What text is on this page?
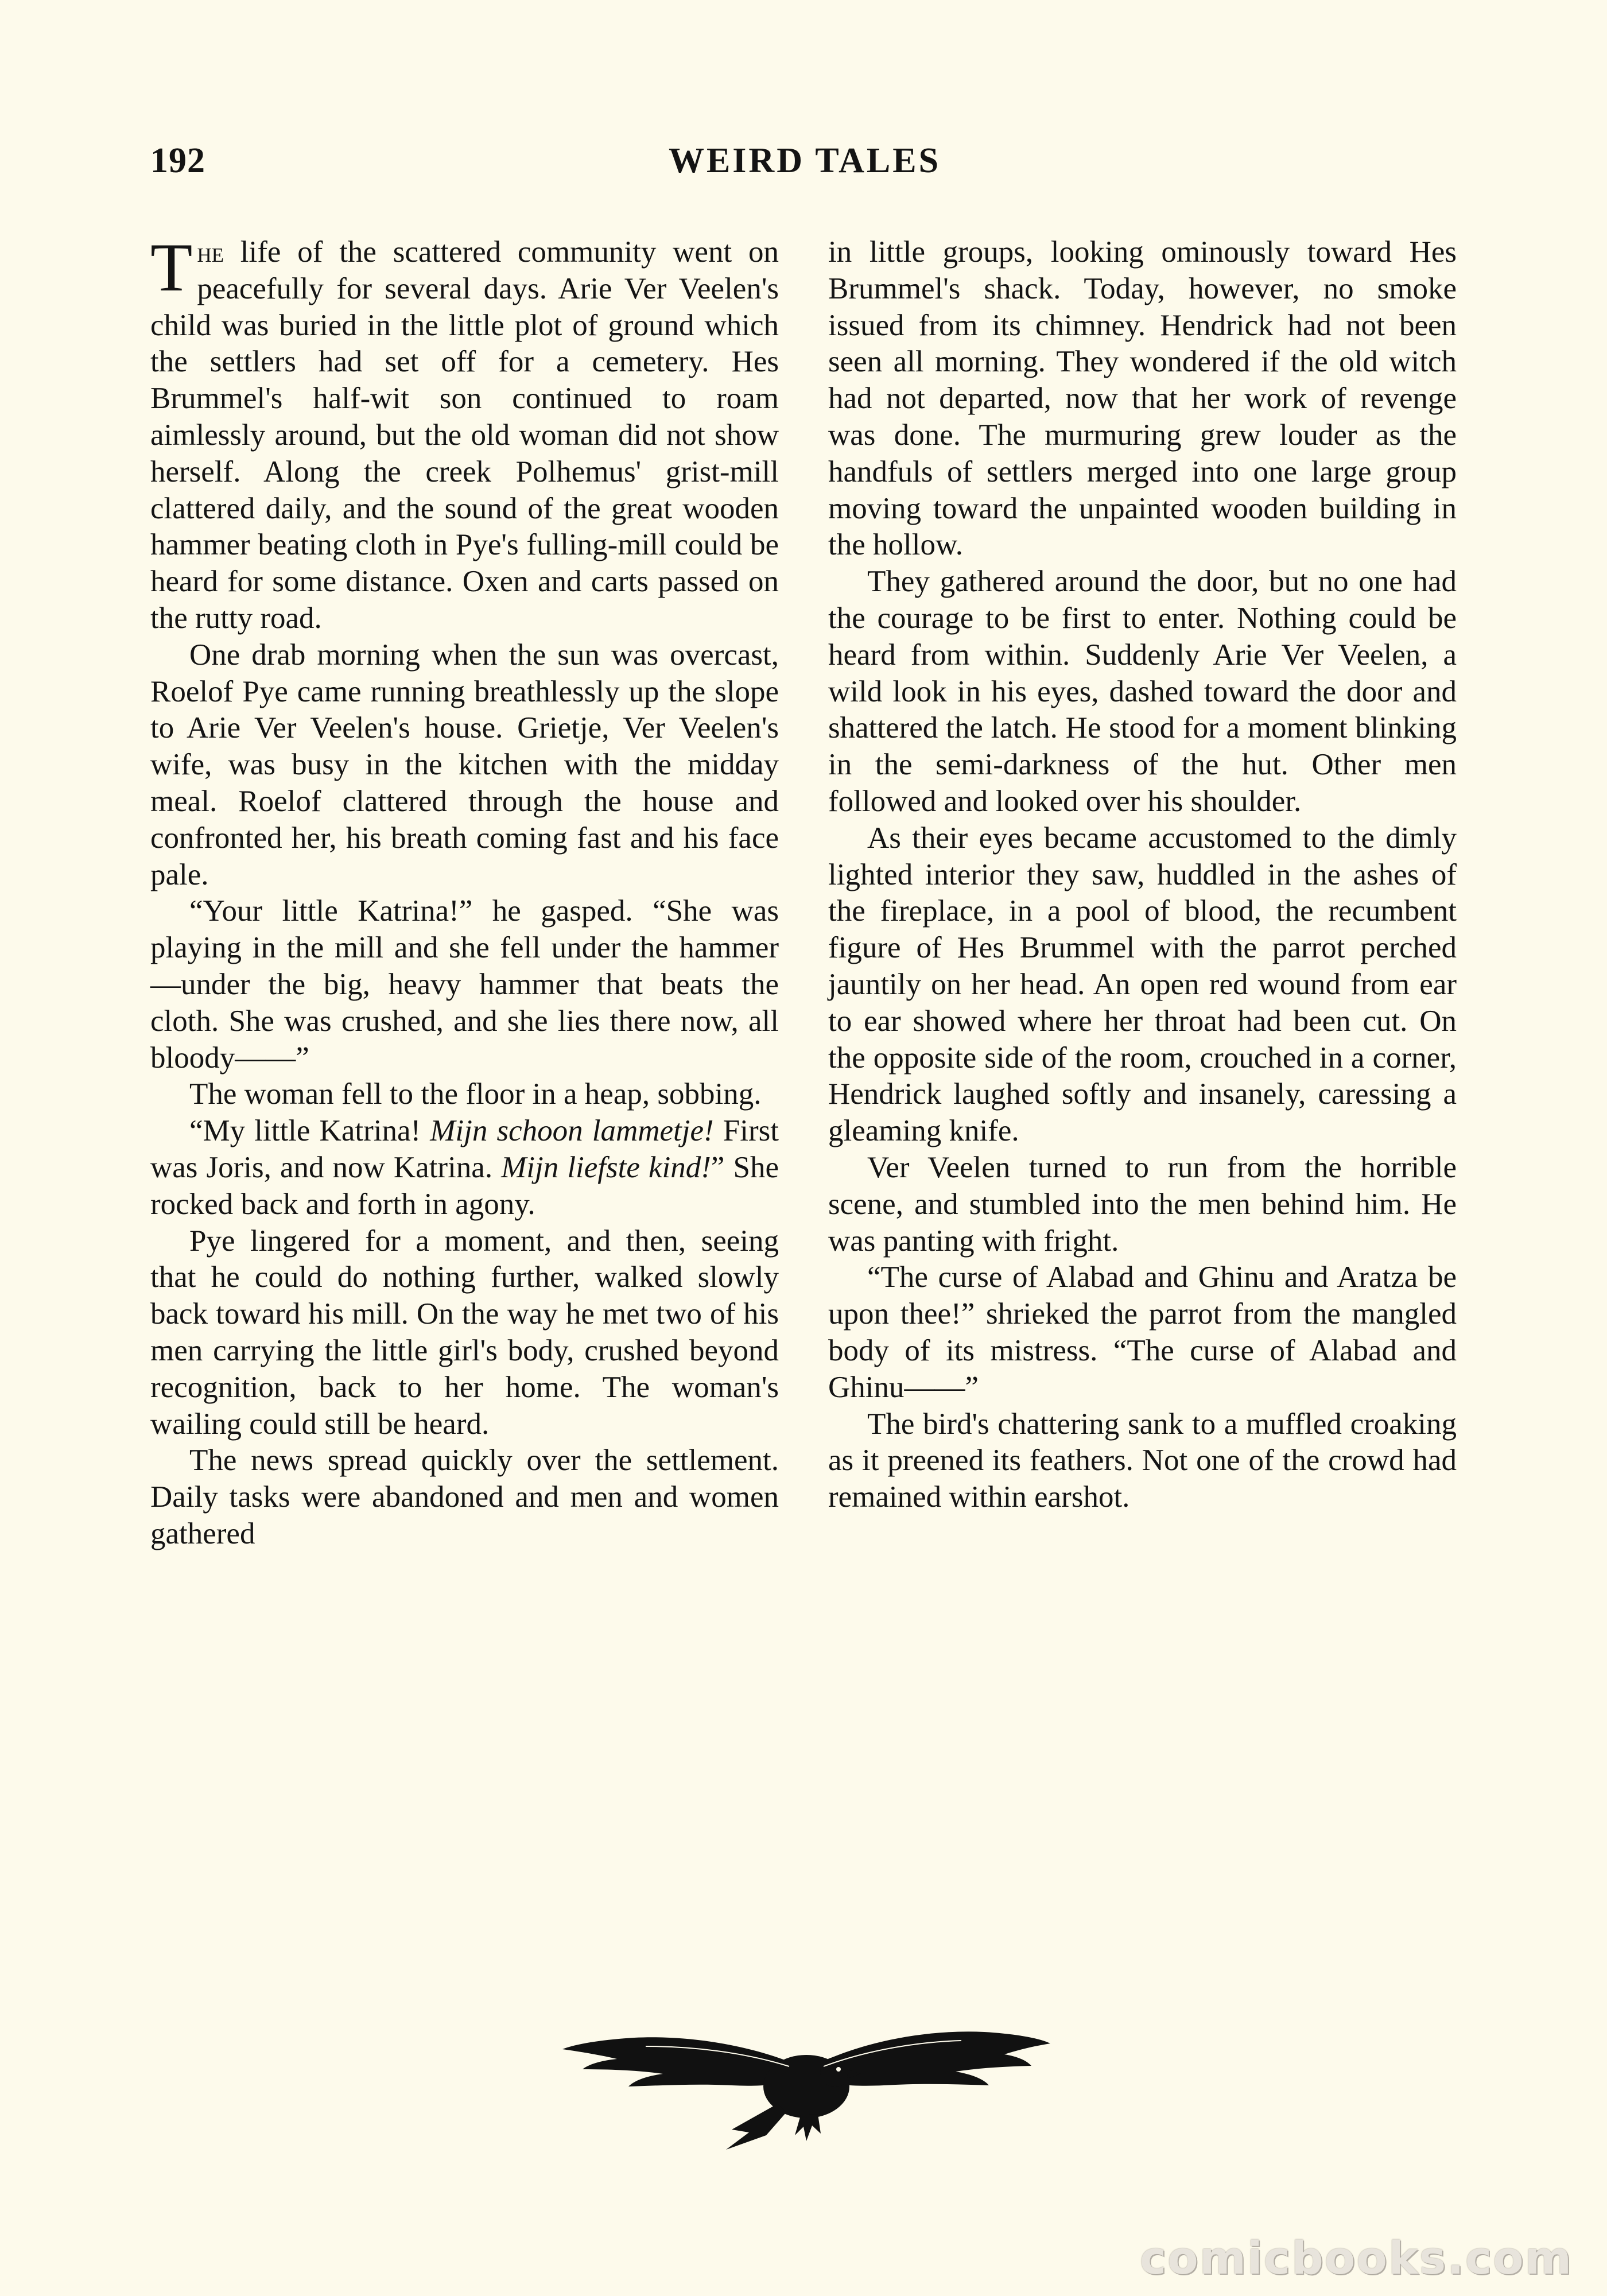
192	WEIRD TALES

The life of the scattered community went on peacefully for several days. Arie Ver Veelen's child was buried in the little plot of ground which the settlers had set off for a cemetery. Hes Brummel's half-wit son continued to roam aimlessly around, but the old woman did not show herself. Along the creek Polhemus' grist-mill clattered daily, and the sound of the great wooden hammer beating cloth in Pye's fulling-mill could be heard for some distance. Oxen and carts passed on the rutty road.

One drab morning when the sun was overcast, Roelof Pye came running breathlessly up the slope to Arie Ver Veelen's house. Grietje, Ver Veelen's wife, was busy in the kitchen with the midday meal. Roelof clattered through the house and confronted her, his breath coming fast and his face pale.

“Your little Katrina!” he gasped. “She was playing in the mill and she fell under the hammer—under the big, heavy hammer that beats the cloth. She was crushed, and she lies there now, all bloody——”

The woman fell to the floor in a heap, sobbing.

“My little Katrina! Mijn schoon lammetje! First was Joris, and now Katrina. Mijn liefste kind!” She rocked back and forth in agony.

Pye lingered for a moment, and then, seeing that he could do nothing further, walked slowly back toward his mill. On the way he met two of his men carrying the little girl's body, crushed beyond recognition, back to her home. The woman's wailing could still be heard.

The news spread quickly over the settlement. Daily tasks were abandoned and men and women gathered

in little groups, looking ominously toward Hes Brummel's shack. Today, however, no smoke issued from its chimney. Hendrick had not been seen all morning. They wondered if the old witch had not departed, now that her work of revenge was done. The murmuring grew louder as the handfuls of settlers merged into one large group moving toward the unpainted wooden building in the hollow.

They gathered around the door, but no one had the courage to be first to enter. Nothing could be heard from within. Suddenly Arie Ver Veelen, a wild look in his eyes, dashed toward the door and shattered the latch. He stood for a moment blinking in the semi-darkness of the hut. Other men followed and looked over his shoulder.

As their eyes became accustomed to the dimly lighted interior they saw, huddled in the ashes of the fireplace, in a pool of blood, the recumbent figure of Hes Brummel with the parrot perched jauntily on her head. An open red wound from ear to ear showed where her throat had been cut. On the opposite side of the room, crouched in a corner, Hendrick laughed softly and insanely, caressing a gleaming knife.

Ver Veelen turned to run from the horrible scene, and stumbled into the men behind him. He was panting with fright.

“The curse of Alabad and Ghinu and Aratza be upon thee!” shrieked the parrot from the mangled body of its mistress. “The curse of Alabad and Ghinu——”

The bird's chattering sank to a muffled croaking as it preened its feathers. Not one of the crowd had remained within earshot.

comicbooks.com
